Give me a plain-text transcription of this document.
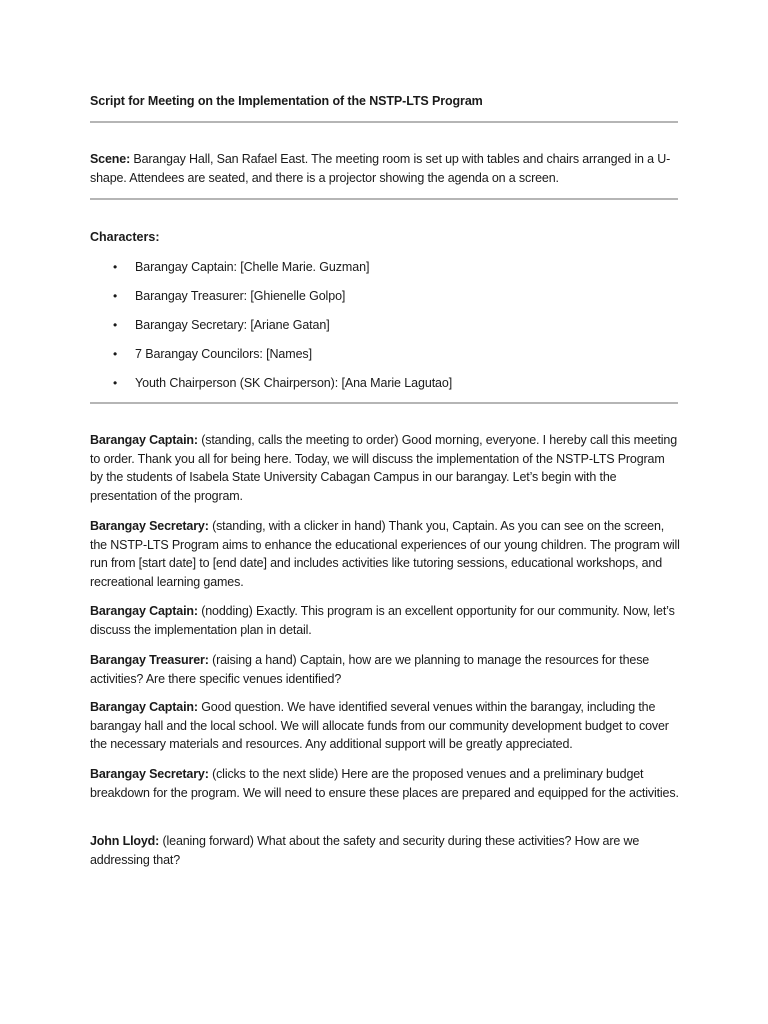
Script for Meeting on the Implementation of the NSTP-LTS Program
Scene: Barangay Hall, San Rafael East. The meeting room is set up with tables and chairs arranged in a U-shape. Attendees are seated, and there is a projector showing the agenda on a screen.
Characters:
• Barangay Captain: [Chelle Marie. Guzman]
• Barangay Treasurer: [Ghienelle Golpo]
• Barangay Secretary: [Ariane Gatan]
• 7 Barangay Councilors: [Names]
• Youth Chairperson (SK Chairperson): [Ana Marie Lagutao]
Barangay Captain: (standing, calls the meeting to order) Good morning, everyone. I hereby call this meeting to order. Thank you all for being here. Today, we will discuss the implementation of the NSTP-LTS Program by the students of Isabela State University Cabagan Campus in our barangay. Let’s begin with the presentation of the program.
Barangay Secretary: (standing, with a clicker in hand) Thank you, Captain. As you can see on the screen, the NSTP-LTS Program aims to enhance the educational experiences of our young children. The program will run from [start date] to [end date] and includes activities like tutoring sessions, educational workshops, and recreational learning games.
Barangay Captain: (nodding) Exactly. This program is an excellent opportunity for our community. Now, let’s discuss the implementation plan in detail.
Barangay Treasurer: (raising a hand) Captain, how are we planning to manage the resources for these activities? Are there specific venues identified?
Barangay Captain: Good question. We have identified several venues within the barangay, including the barangay hall and the local school. We will allocate funds from our community development budget to cover the necessary materials and resources. Any additional support will be greatly appreciated.
Barangay Secretary: (clicks to the next slide) Here are the proposed venues and a preliminary budget breakdown for the program. We will need to ensure these places are prepared and equipped for the activities.
John Lloyd: (leaning forward) What about the safety and security during these activities? How are we addressing that?
